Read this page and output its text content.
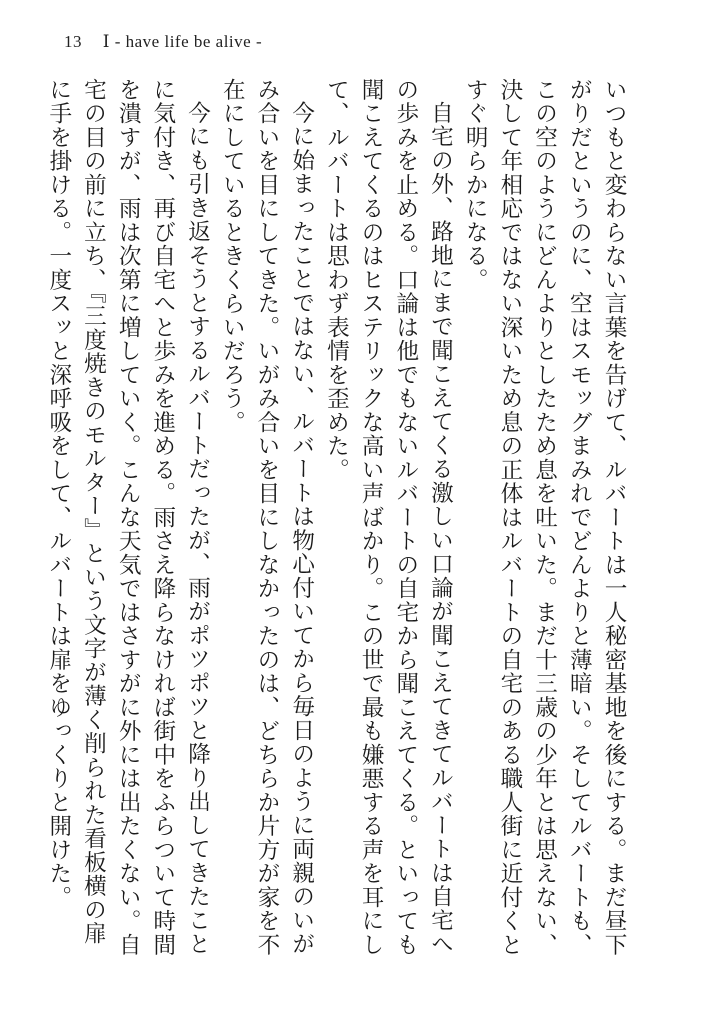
13 Ⅰ - have life be alive -

いつもと変わらない言葉を告げて、ルバートは一人秘密基地を後にする。まだ昼下がりだというのに、空はスモッグまみれでどんよりと薄暗い。そしてルバートも、この空のようにどんよりとしたため息を吐いた。まだ十三歳の少年とは思えない、決して年相応ではない深いため息の正体はルバートの自宅のある職人街に近付くとすぐ明らかになる。

自宅の外、路地にまで聞こえてくる激しい口論が聞こえてきてルバートは自宅への歩みを止める。口論は他でもないルバートの自宅から聞こえてくる。といっても聞こえてくるのはヒステリックな高い声ばかり。この世で最も嫌悪する声を耳にして、ルバートは思わず表情を歪めた。

今に始まったことではない、ルバートは物心付いてから毎日のように両親のいがみ合いを目にしてきた。いがみ合いを目にしなかったのは、どちらか片方が家を不在にしているときくらいだろう。

今にも引き返そうとするルバートだったが、雨がポツポツと降り出してきたことに気付き、再び自宅へと歩みを進める。雨さえ降らなければ街中をふらついて時間を潰すが、雨は次第に増していく。こんな天気ではさすがに外には出たくない。自宅の目の前に立ち、『三度焼きのモルター』という文字が薄く削られた看板横の扉に手を掛ける。一度スッと深呼吸をして、ルバートは扉をゆっくりと開けた。
